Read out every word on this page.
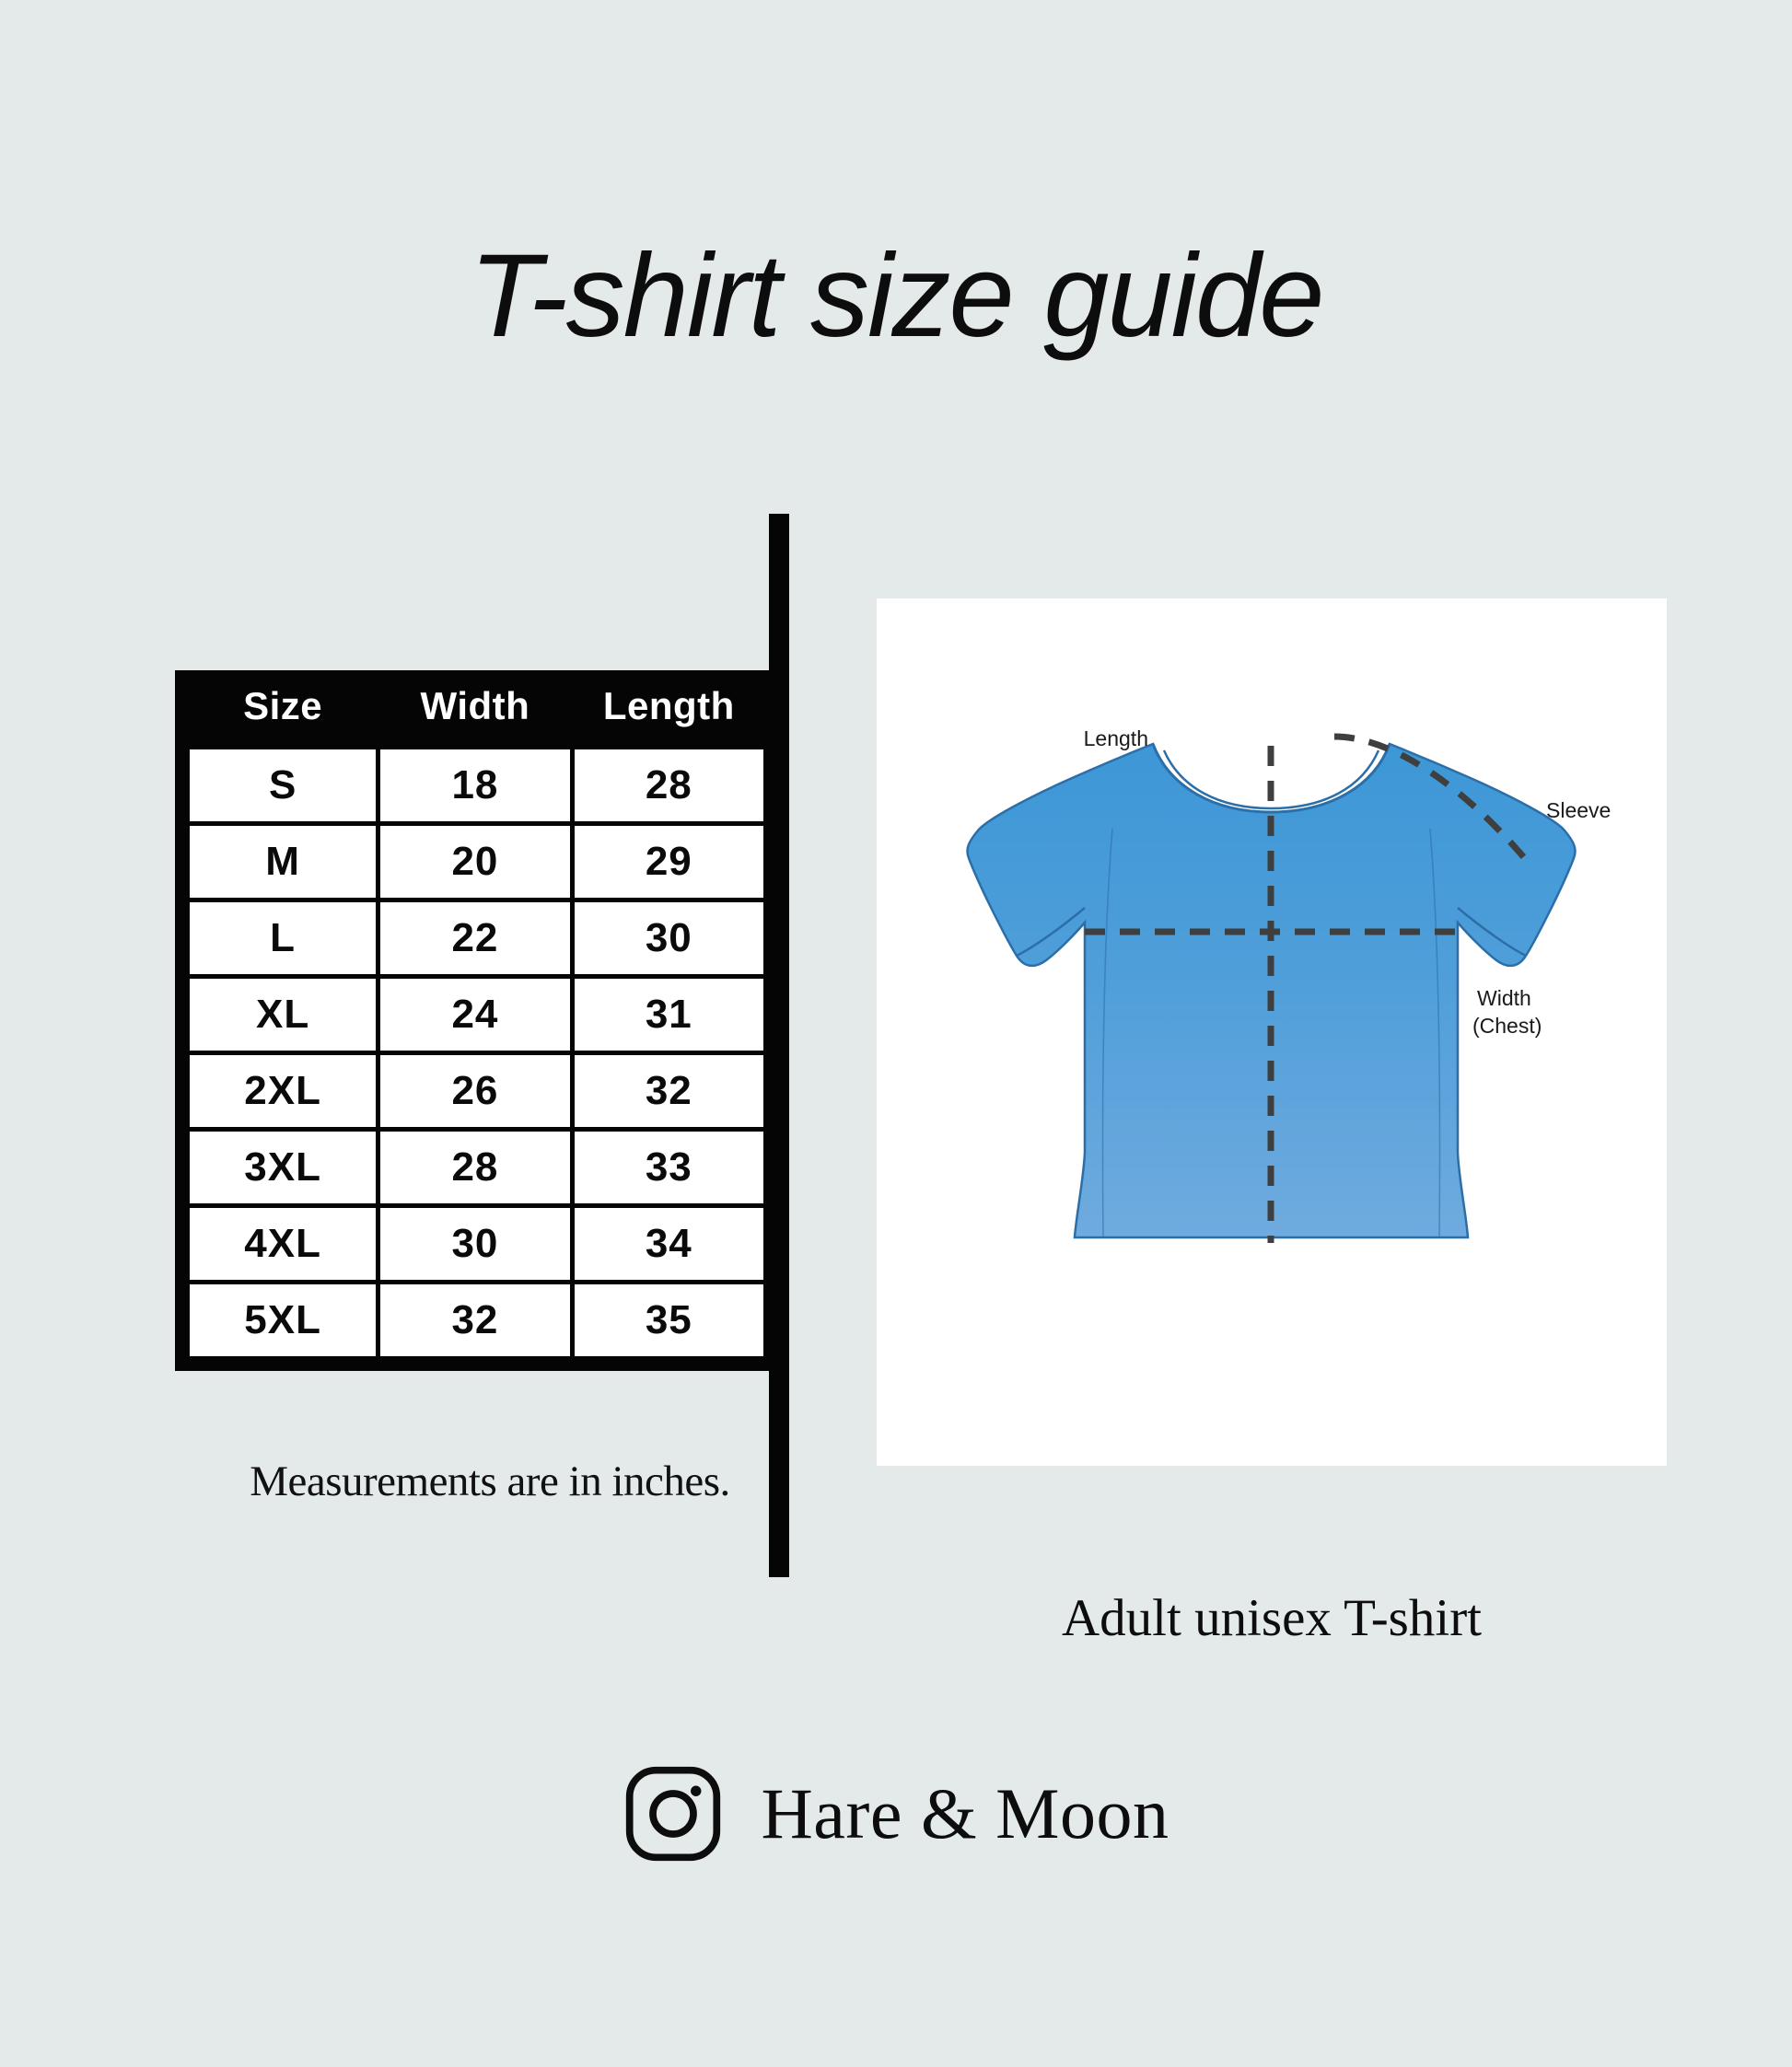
T-shirt size guide
Size	Width	Length
S	18	28
M	20	29
L	22	30
XL	24	31
2XL	26	32
3XL	28	33
4XL	30	34
5XL	32	35
Measurements are in inches.
Length
Sleeve
Width
(Chest)
Adult unisex T-shirt
Hare & Moon
